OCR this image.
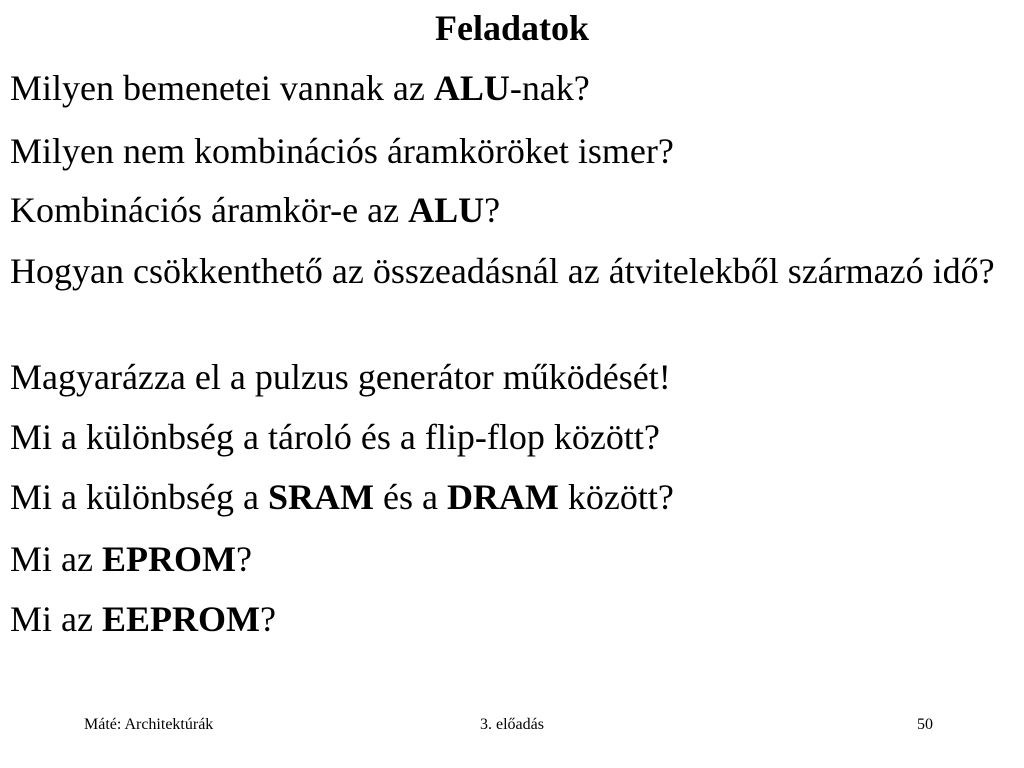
Feladatok
Milyen bemenetei vannak az ALU-nak?
Milyen nem kombinációs áramköröket ismer?
Kombinációs áramkör-e az ALU?
Hogyan csökkenthető az összeadásnál az átvitelekből származó idő?
Magyarázza el a pulzus generátor működését!
Mi a különbség a tároló és a flip-flop között?
Mi a különbség a SRAM és a DRAM között?
Mi az EPROM?
Mi az EEPROM?
Máté: Architektúrák	3. előadás	50
